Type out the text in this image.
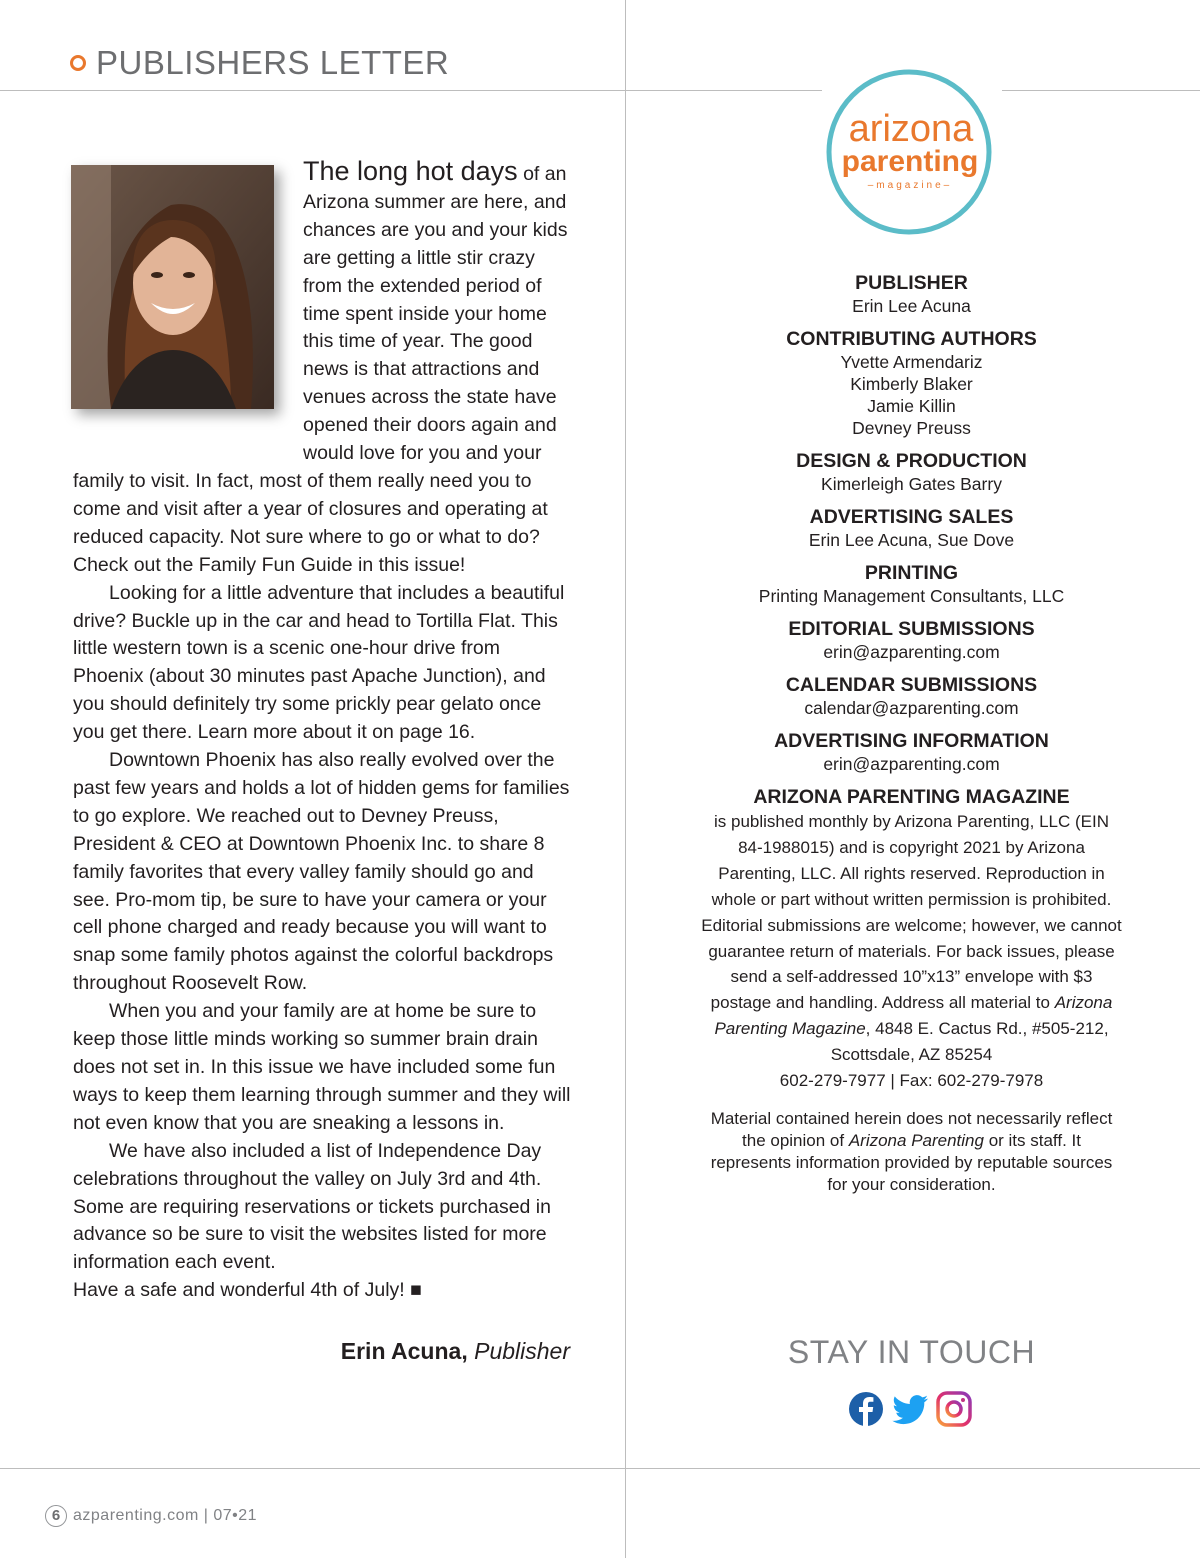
PUBLISHERS LETTER

The long hot days of an Arizona summer are here, and chances are you and your kids are getting a little stir crazy from the extended period of time spent inside your home this time of year. The good news is that attractions and venues across the state have opened their doors again and would love for you and your family to visit. In fact, most of them really need you to come and visit after a year of closures and operating at reduced capacity. Not sure where to go or what to do? Check out the Family Fun Guide in this issue!

Looking for a little adventure that includes a beautiful drive? Buckle up in the car and head to Tortilla Flat. This little western town is a scenic one-hour drive from Phoenix (about 30 minutes past Apache Junction), and you should definitely try some prickly pear gelato once you get there. Learn more about it on page 16.

Downtown Phoenix has also really evolved over the past few years and holds a lot of hidden gems for families to go explore. We reached out to Devney Preuss, President & CEO at Downtown Phoenix Inc. to share 8 family favorites that every valley family should go and see. Pro-mom tip, be sure to have your camera or your cell phone charged and ready because you will want to snap some family photos against the colorful backdrops throughout Roosevelt Row.

When you and your family are at home be sure to keep those little minds working so summer brain drain does not set in. In this issue we have included some fun ways to keep them learning through summer and they will not even know that you are sneaking a lessons in.

We have also included a list of Independence Day celebrations throughout the valley on July 3rd and 4th. Some are requiring reservations or tickets purchased in advance so be sure to visit the websites listed for more information each event.

Have a safe and wonderful 4th of July! ■

Erin Acuna, Publisher
arizona
parenting
–magazine–
PUBLISHER
Erin Lee Acuna
CONTRIBUTING AUTHORS
Yvette Armendariz
Kimberly Blaker
Jamie Killin
Devney Preuss
DESIGN & PRODUCTION
Kimerleigh Gates Barry
ADVERTISING SALES
Erin Lee Acuna, Sue Dove
PRINTING
Printing Management Consultants, LLC
EDITORIAL SUBMISSIONS
erin@azparenting.com
CALENDAR SUBMISSIONS
calendar@azparenting.com
ADVERTISING INFORMATION
erin@azparenting.com
ARIZONA PARENTING MAGAZINE
is published monthly by Arizona Parenting, LLC (EIN 84-1988015) and is copyright 2021 by Arizona Parenting, LLC. All rights reserved. Reproduction in whole or part without written permission is prohibited. Editorial submissions are welcome; however, we cannot guarantee return of materials. For back issues, please send a self-addressed 10”x13” envelope with $3 postage and handling. Address all material to Arizona Parenting Magazine, 4848 E. Cactus Rd., #505-212, Scottsdale, AZ 85254
602-279-7977 | Fax: 602-279-7978
Material contained herein does not necessarily reflect the opinion of Arizona Parenting or its staff. It represents information provided by reputable sources for your consideration.
STAY IN TOUCH
6 azparenting.com | 07•21
